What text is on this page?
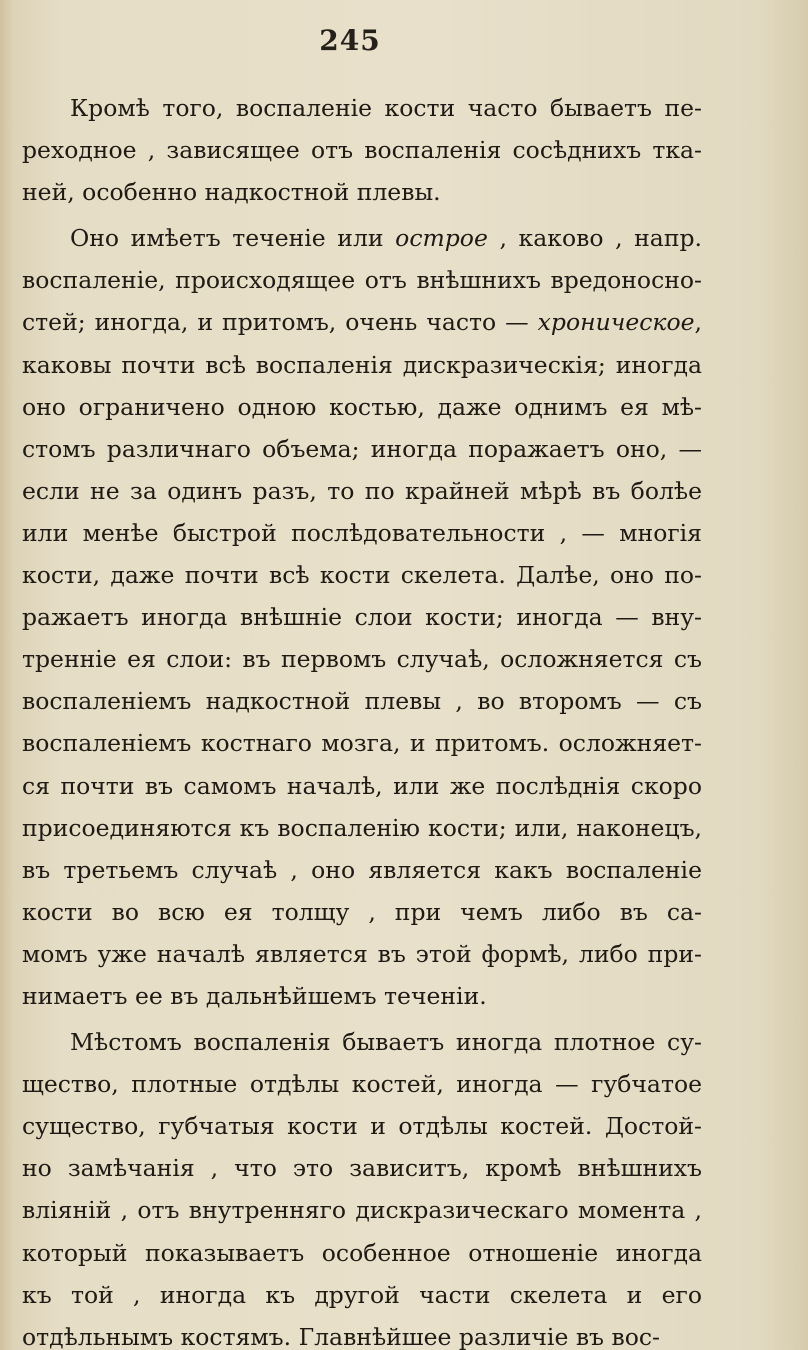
245
Кромѣ того, воспаленіе кости часто бываетъ пе-
реходное , зависящее отъ воспаленія сосѣднихъ тка-
ней, особенно надкостной плевы.
Оно имѣетъ теченіе или острое , каково , напр.
воспаленіе, происходящее отъ внѣшнихъ вредоносно-
стей; иногда, и притомъ, очень часто — хроническое,
каковы почти всѣ воспаленія дискразическія; иногда
оно ограничено одною костью, даже однимъ ея мѣ-
стомъ различнаго объема; иногда поражаетъ оно, —
если не за одинъ разъ, то по крайней мѣрѣ въ болѣе
или менѣе быстрой послѣдовательности , — многія
кости, даже почти всѣ кости скелета. Далѣе, оно по-
ражаетъ иногда внѣшніе слои кости; иногда — вну-
тренніе ея слои: въ первомъ случаѣ, осложняется съ
воспаленіемъ надкостной плевы , во второмъ — съ
воспаленіемъ костнаго мозга, и притомъ. осложняет-
ся почти въ самомъ началѣ, или же послѣднія скоро
присоединяются къ воспаленію кости; или, наконецъ,
въ третьемъ случаѣ , оно является какъ воспаленіе
кости во всю ея толщу , при чемъ либо въ са-
момъ уже началѣ является въ этой формѣ, либо при-
нимаетъ ее въ дальнѣйшемъ теченіи.
Мѣстомъ воспаленія бываетъ иногда плотное су-
щество, плотные отдѣлы костей, иногда — губчатое
существо, губчатыя кости и отдѣлы костей. Достой-
но замѣчанія , что это зависитъ, кромѣ внѣшнихъ
вліяній , отъ внутренняго дискразическаго момента ,
который показываетъ особенное отношеніе иногда
къ той , иногда къ другой части скелета и его
отдѣльнымъ костямъ. Главнѣйшее различіе въ вос-
